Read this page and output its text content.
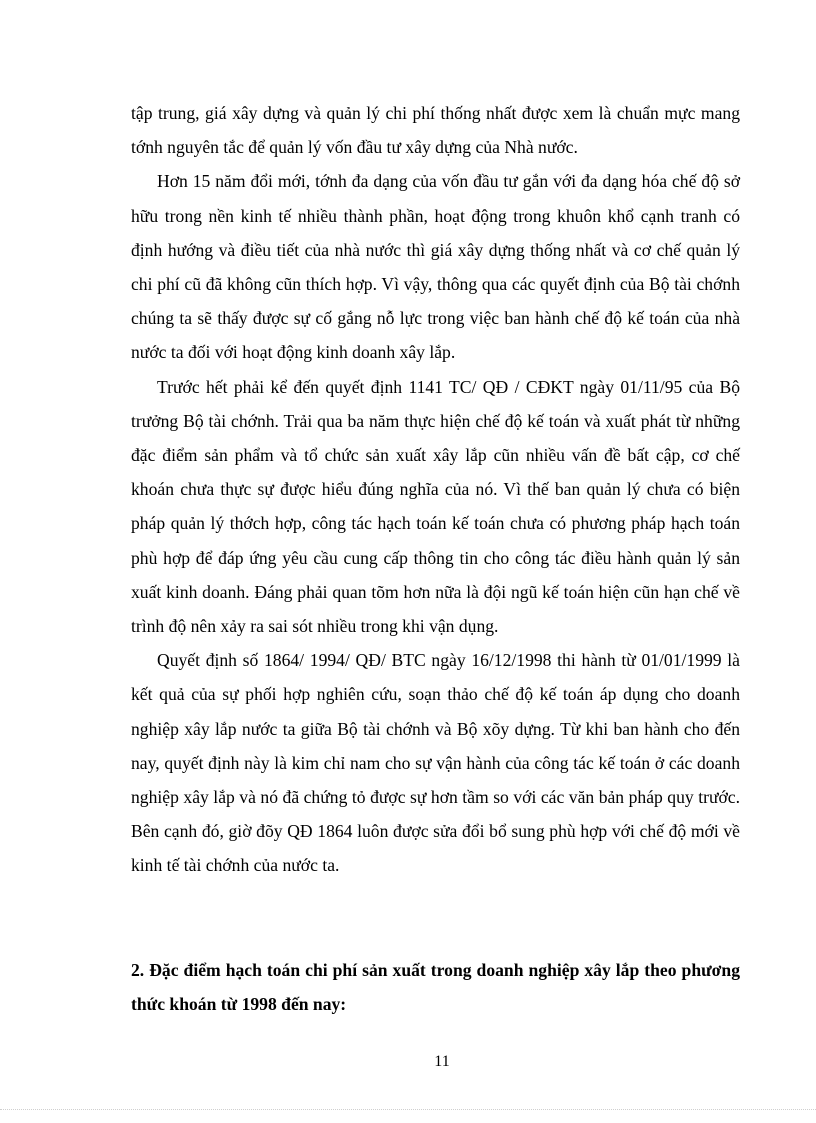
tập trung, giá xây dựng và quản lý chi phí thống nhất được xem là chuẩn mực mang tớnh nguyên tắc để quản lý vốn đầu tư xây dựng của Nhà nước.

Hơn 15 năm đổi mới, tớnh đa dạng của vốn đầu tư gắn với đa dạng hóa chế độ sở hữu trong nền kinh tế nhiều thành phần, hoạt động trong khuôn khổ cạnh tranh có định hướng và điều tiết của nhà nước thì giá xây dựng thống nhất và cơ chế quản lý chi phí cũ đã không cũn thích hợp. Vì vậy, thông qua các quyết định của Bộ tài chớnh chúng ta sẽ thấy được sự cố gắng nỗ lực trong việc ban hành chế độ kế toán của nhà nước ta đối với hoạt động kinh doanh xây lắp.

Trước hết phải kể đến quyết định 1141 TC/ QĐ / CĐKT ngày 01/11/95 của Bộ trưởng Bộ tài chớnh. Trải qua ba năm thực hiện chế độ kế toán và xuất phát từ những đặc điểm sản phẩm và tổ chức sản xuất xây lắp cũn nhiều vấn đề bất cập, cơ chế khoán chưa thực sự được hiểu đúng nghĩa của nó. Vì thế ban quản lý chưa có biện pháp quản lý thớch hợp, công tác hạch toán kế toán chưa có phương pháp hạch toán phù hợp để đáp ứng yêu cầu cung cấp thông tin cho công tác điều hành quản lý sản xuất kinh doanh. Đáng phải quan tõm hơn nữa là đội ngũ kế toán hiện cũn hạn chế về trình độ nên xảy ra sai sót nhiều trong khi vận dụng.

Quyết định số 1864/ 1994/ QĐ/ BTC ngày 16/12/1998 thi hành từ 01/01/1999 là kết quả của sự phối hợp nghiên cứu, soạn thảo chế độ kế toán áp dụng cho doanh nghiệp xây lắp nước ta giữa Bộ tài chớnh và Bộ xõy dựng. Từ khi ban hành cho đến nay, quyết định này là kim chỉ nam cho sự vận hành của công tác kế toán ở các doanh nghiệp xây lắp và nó đã chứng tỏ được sự hơn tầm so với các văn bản pháp quy trước. Bên cạnh đó, giờ đõy QĐ 1864 luôn được sửa đổi bổ sung phù hợp với chế độ mới về kinh tế tài chớnh của nước ta.

2. Đặc điểm hạch toán chi phí sản xuất trong doanh nghiệp xây lắp theo phương thức khoán từ 1998 đến nay:
11
